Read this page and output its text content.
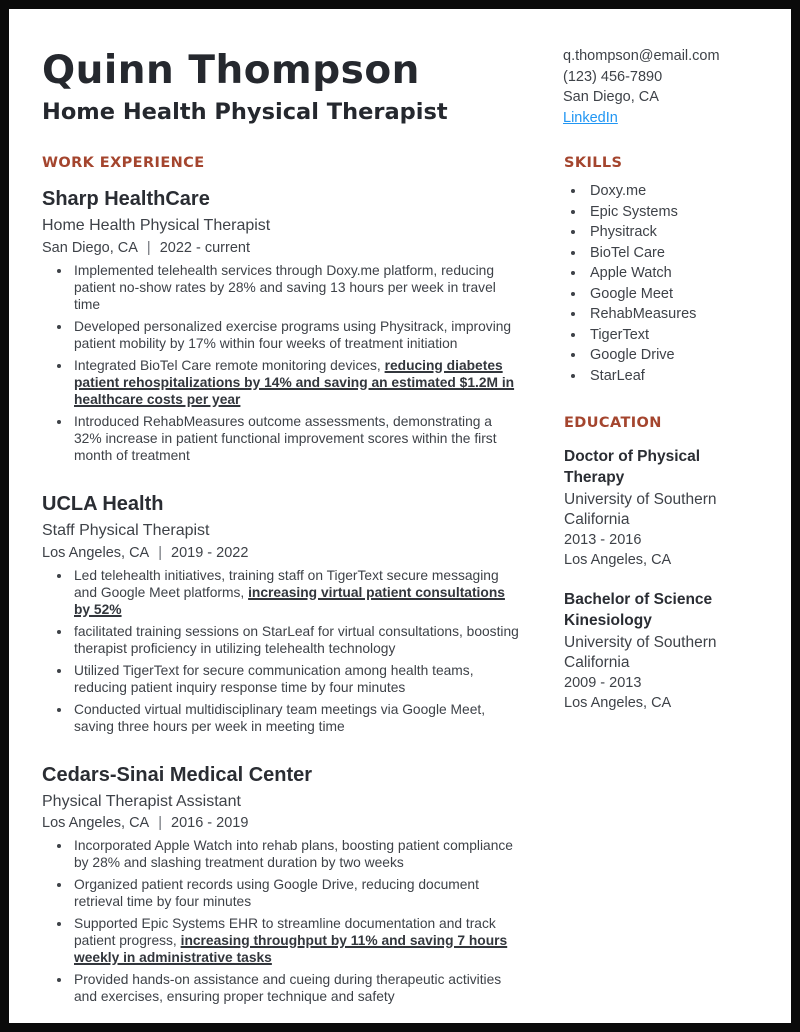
Quinn Thompson
Home Health Physical Therapist
q.thompson@email.com
(123) 456-7890
San Diego, CA
LinkedIn
WORK EXPERIENCE
Sharp HealthCare
Home Health Physical Therapist
San Diego, CA | 2022 - current
• Implemented telehealth services through Doxy.me platform, reducing patient no-show rates by 28% and saving 13 hours per week in travel time
• Developed personalized exercise programs using Physitrack, improving patient mobility by 17% within four weeks of treatment initiation
• Integrated BioTel Care remote monitoring devices, reducing diabetes patient rehospitalizations by 14% and saving an estimated $1.2M in healthcare costs per year
• Introduced RehabMeasures outcome assessments, demonstrating a 32% increase in patient functional improvement scores within the first month of treatment
UCLA Health
Staff Physical Therapist
Los Angeles, CA | 2019 - 2022
• Led telehealth initiatives, training staff on TigerText secure messaging and Google Meet platforms, increasing virtual patient consultations by 52%
• facilitated training sessions on StarLeaf for virtual consultations, boosting therapist proficiency in utilizing telehealth technology
• Utilized TigerText for secure communication among health teams, reducing patient inquiry response time by four minutes
• Conducted virtual multidisciplinary team meetings via Google Meet, saving three hours per week in meeting time
Cedars-Sinai Medical Center
Physical Therapist Assistant
Los Angeles, CA | 2016 - 2019
• Incorporated Apple Watch into rehab plans, boosting patient compliance by 28% and slashing treatment duration by two weeks
• Organized patient records using Google Drive, reducing document retrieval time by four minutes
• Supported Epic Systems EHR to streamline documentation and track patient progress, increasing throughput by 11% and saving 7 hours weekly in administrative tasks
• Provided hands-on assistance and cueing during therapeutic activities and exercises, ensuring proper technique and safety
SKILLS
• Doxy.me
• Epic Systems
• Physitrack
• BioTel Care
• Apple Watch
• Google Meet
• RehabMeasures
• TigerText
• Google Drive
• StarLeaf
EDUCATION
Doctor of Physical Therapy
University of Southern California
2013 - 2016
Los Angeles, CA
Bachelor of Science Kinesiology
University of Southern California
2009 - 2013
Los Angeles, CA
